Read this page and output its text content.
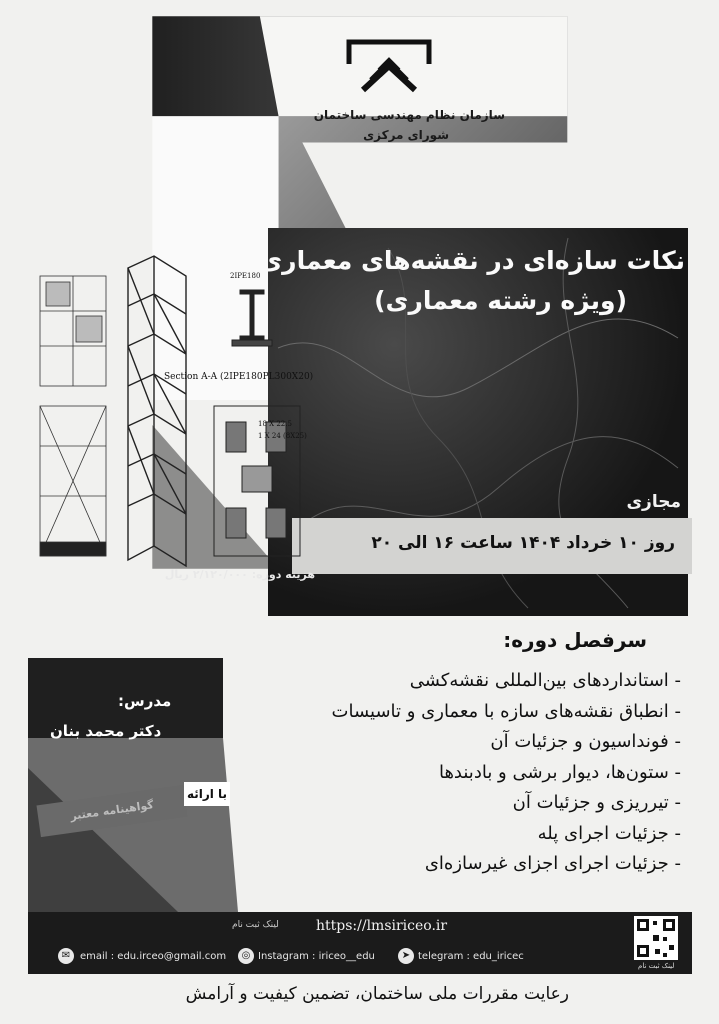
سازمان نظام مهندسی ساختمان
شورای مرکزی
Section A-A (2IPE180PL300X20)
2IPE180
18 X 22.5
1 X 24 (8X25)
نکات سازه‌ای در نقشه‌های معماری
(ویژه رشته معماری)
مجازی
روز ۱۰ خرداد ۱۴۰۴ ساعت ۱۶ الی ۲۰
هزینه دوره: ۲/۱۲۰/۰۰۰ ریال
سرفصل دوره:
- استانداردهای بین‌المللی نقشه‌کشی
- انطباق نقشه‌های سازه با معماری و تاسیسات
- فونداسیون و جزئیات آن
- ستون‌ها، دیوار برشی و بادبندها
- تیرریزی و جزئیات آن
- جزئیات اجرای پله
- جزئیات اجرای اجزای غیرسازه‌ای
مدرس:
دکتر محمد بنان
گواهینامه معتبر
با ارائه
لینک ثبت نام	https://lmsiriceo.ir
✉ email : edu.irceo@gmail.com	◎ Instagram : iriceo__edu	➤ telegram : edu_iricec
لینک ثبت نام
رعایت مقررات ملی ساختمان، تضمین کیفیت و آرامش
